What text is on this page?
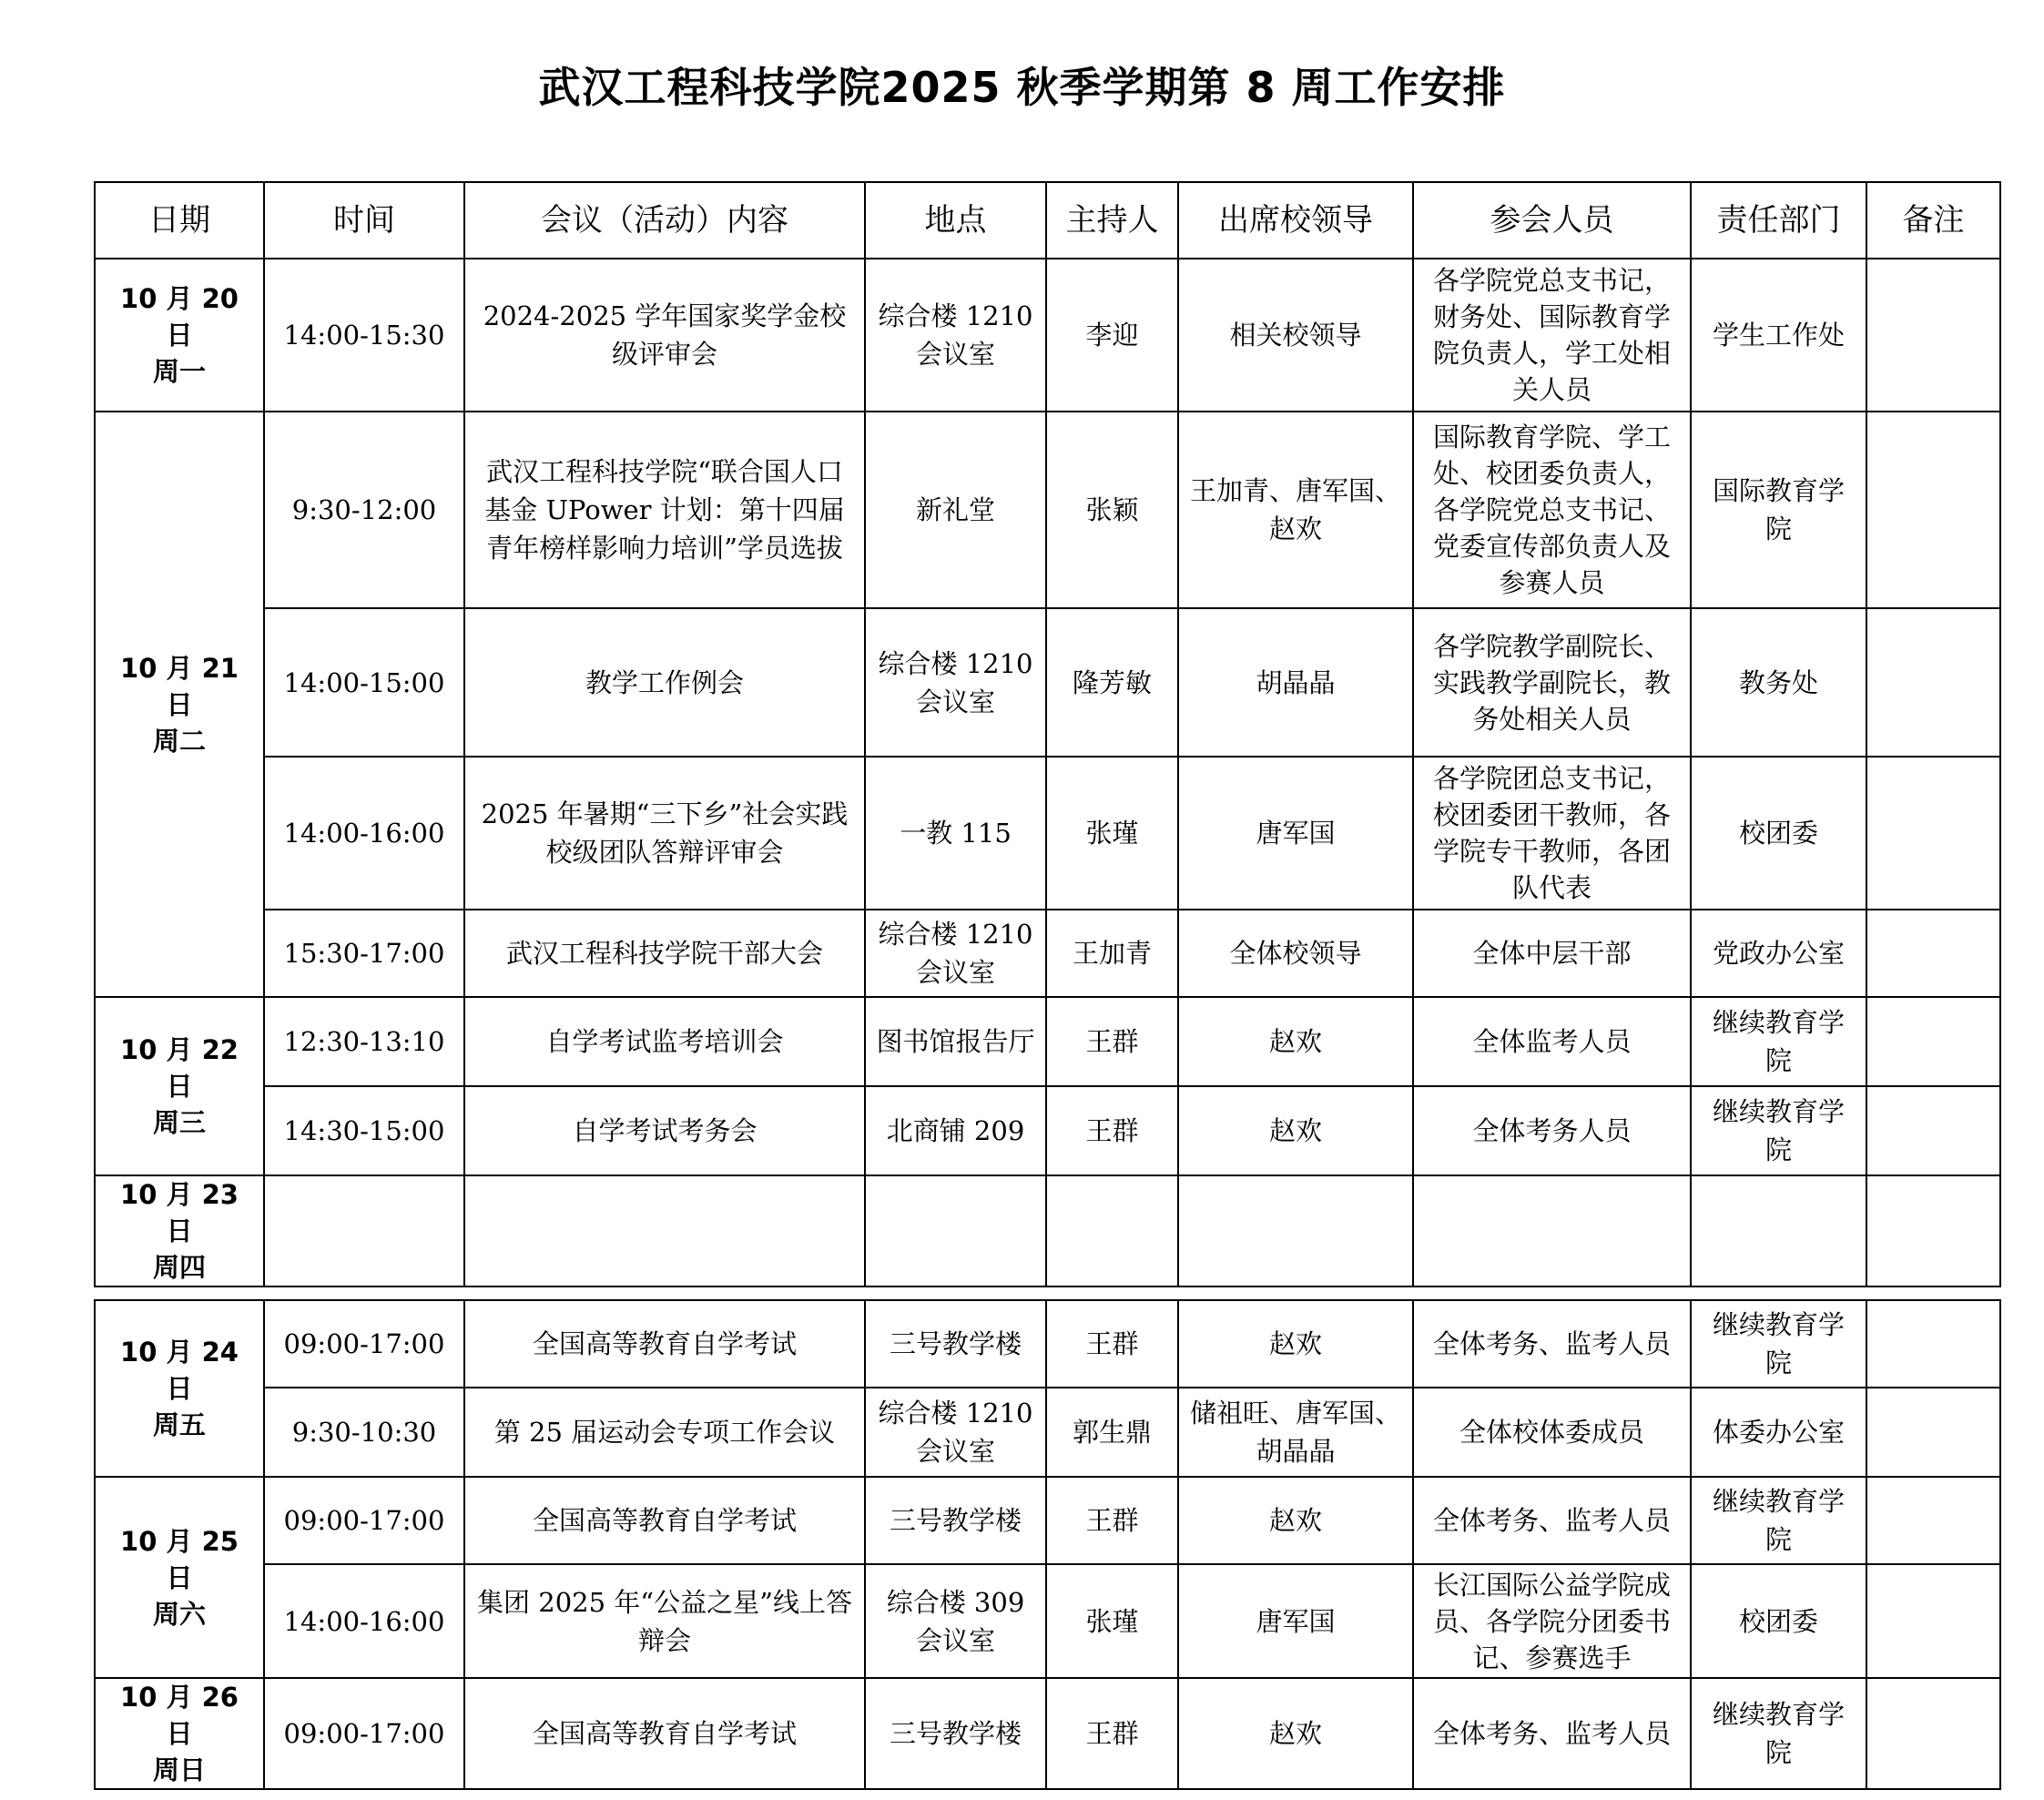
武汉工程科技学院2025 秋季学期第 8 周工作安排
日期	时间	会议（活动）内容	地点	主持人	出席校领导	参会人员	责任部门	备注

10 月 20 日
周一	14:00-15:30	2024-2025 学年国家奖学金校级评审会	综合楼 1210 会议室	李迎	相关校领导	各学院党总支书记，财务处、国际教育学院负责人，学工处相关人员	学生工作处	

10 月 21 日
周二	9:30-12:00	武汉工程科技学院“联合国人口基金 UPower 计划：第十四届青年榜样影响力培训”学员选拔	新礼堂	张颖	王加青、唐军国、赵欢	国际教育学院、学工处、校团委负责人，各学院党总支书记、党委宣传部负责人及参赛人员	国际教育学院	
	14:00-15:00	教学工作例会	综合楼 1210 会议室	隆芳敏	胡晶晶	各学院教学副院长、实践教学副院长，教务处相关人员	教务处	
	14:00-16:00	2025 年暑期“三下乡”社会实践校级团队答辩评审会	一教 115	张瑾	唐军国	各学院团总支书记，校团委团干教师，各学院专干教师，各团队代表	校团委	
	15:30-17:00	武汉工程科技学院干部大会	综合楼 1210 会议室	王加青	全体校领导	全体中层干部	党政办公室	

10 月 22 日
周三	12:30-13:10	自学考试监考培训会	图书馆报告厅	王群	赵欢	全体监考人员	继续教育学院	
	14:30-15:00	自学考试考务会	北商铺 209	王群	赵欢	全体考务人员	继续教育学院	

10 月 23 日
周四								

10 月 24 日
周五	09:00-17:00	全国高等教育自学考试	三号教学楼	王群	赵欢	全体考务、监考人员	继续教育学院	
	9:30-10:30	第 25 届运动会专项工作会议	综合楼 1210 会议室	郭生鼎	储祖旺、唐军国、胡晶晶	全体校体委成员	体委办公室	

10 月 25 日
周六	09:00-17:00	全国高等教育自学考试	三号教学楼	王群	赵欢	全体考务、监考人员	继续教育学院	
	14:00-16:00	集团 2025 年“公益之星”线上答辩会	综合楼 309 会议室	张瑾	唐军国	长江国际公益学院成员、各学院分团委书记、参赛选手	校团委	

10 月 26 日
周日	09:00-17:00	全国高等教育自学考试	三号教学楼	王群	赵欢	全体考务、监考人员	继续教育学院	
